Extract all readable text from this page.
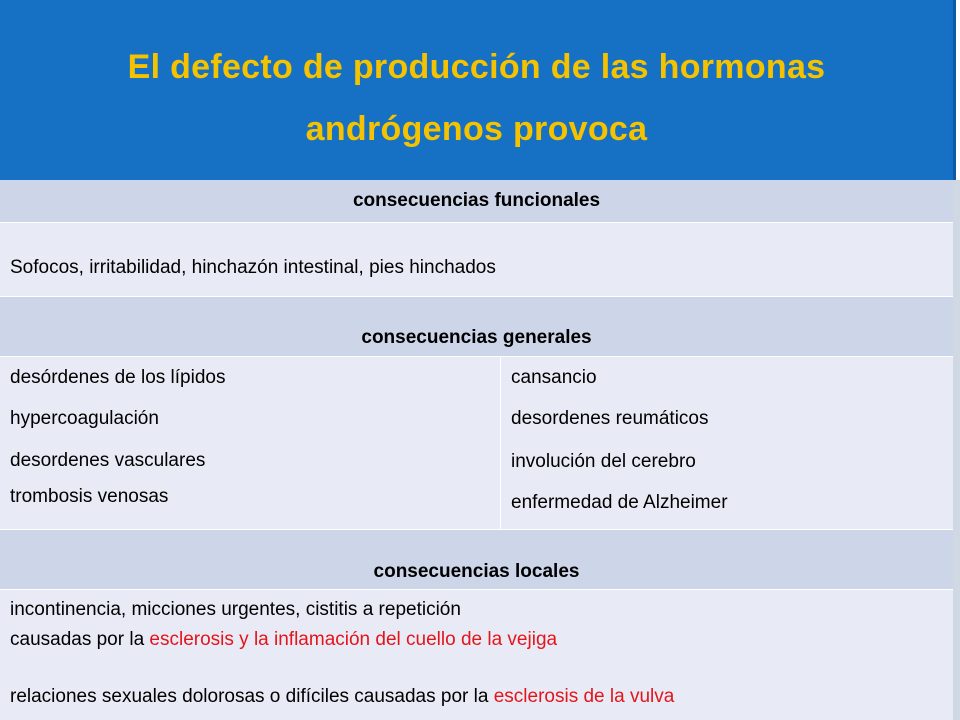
El defecto de producción de las hormonas
andrógenos provoca
consecuencias funcionales
Sofocos, irritabilidad, hinchazón intestinal, pies hinchados
consecuencias generales
desórdenes de los lípidos
hypercoagulación
desordenes vasculares
trombosis venosas
cansancio
desordenes reumáticos
involución del cerebro
enfermedad de Alzheimer
consecuencias locales
incontinencia, micciones urgentes, cistitis a repetición
causadas por la esclerosis y la inflamación del cuello de la vejiga
relaciones sexuales dolorosas o difíciles causadas por la esclerosis de la vulva
